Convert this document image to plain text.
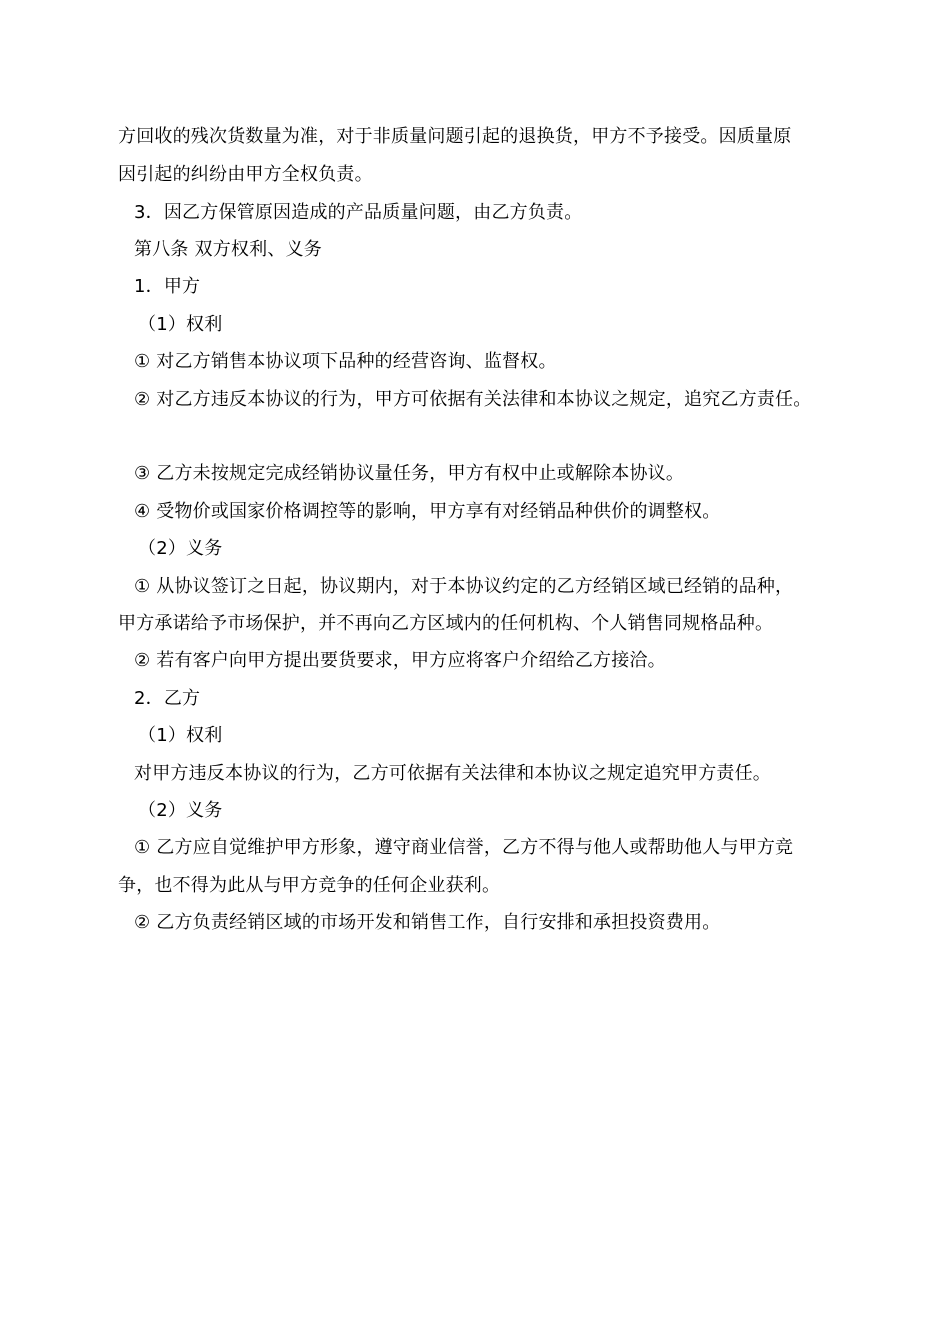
方回收的残次货数量为准，对于非质量问题引起的退换货，甲方不予接受。因质量原
因引起的纠纷由甲方全权负责。
3．因乙方保管原因造成的产品质量问题，由乙方负责。
第八条 双方权利、义务
1．甲方
（1）权利
① 对乙方销售本协议项下品种的经营咨询、监督权。
② 对乙方违反本协议的行为，甲方可依据有关法律和本协议之规定，追究乙方责任。
③ 乙方未按规定完成经销协议量任务，甲方有权中止或解除本协议。
④ 受物价或国家价格调控等的影响，甲方享有对经销品种供价的调整权。
（2）义务
① 从协议签订之日起，协议期内，对于本协议约定的乙方经销区域已经销的品种，
甲方承诺给予市场保护，并不再向乙方区域内的任何机构、个人销售同规格品种。
② 若有客户向甲方提出要货要求，甲方应将客户介绍给乙方接洽。
2．乙方
（1）权利
对甲方违反本协议的行为，乙方可依据有关法律和本协议之规定追究甲方责任。
（2）义务
① 乙方应自觉维护甲方形象，遵守商业信誉，乙方不得与他人或帮助他人与甲方竞
争，也不得为此从与甲方竞争的任何企业获利。
② 乙方负责经销区域的市场开发和销售工作，自行安排和承担投资费用。
